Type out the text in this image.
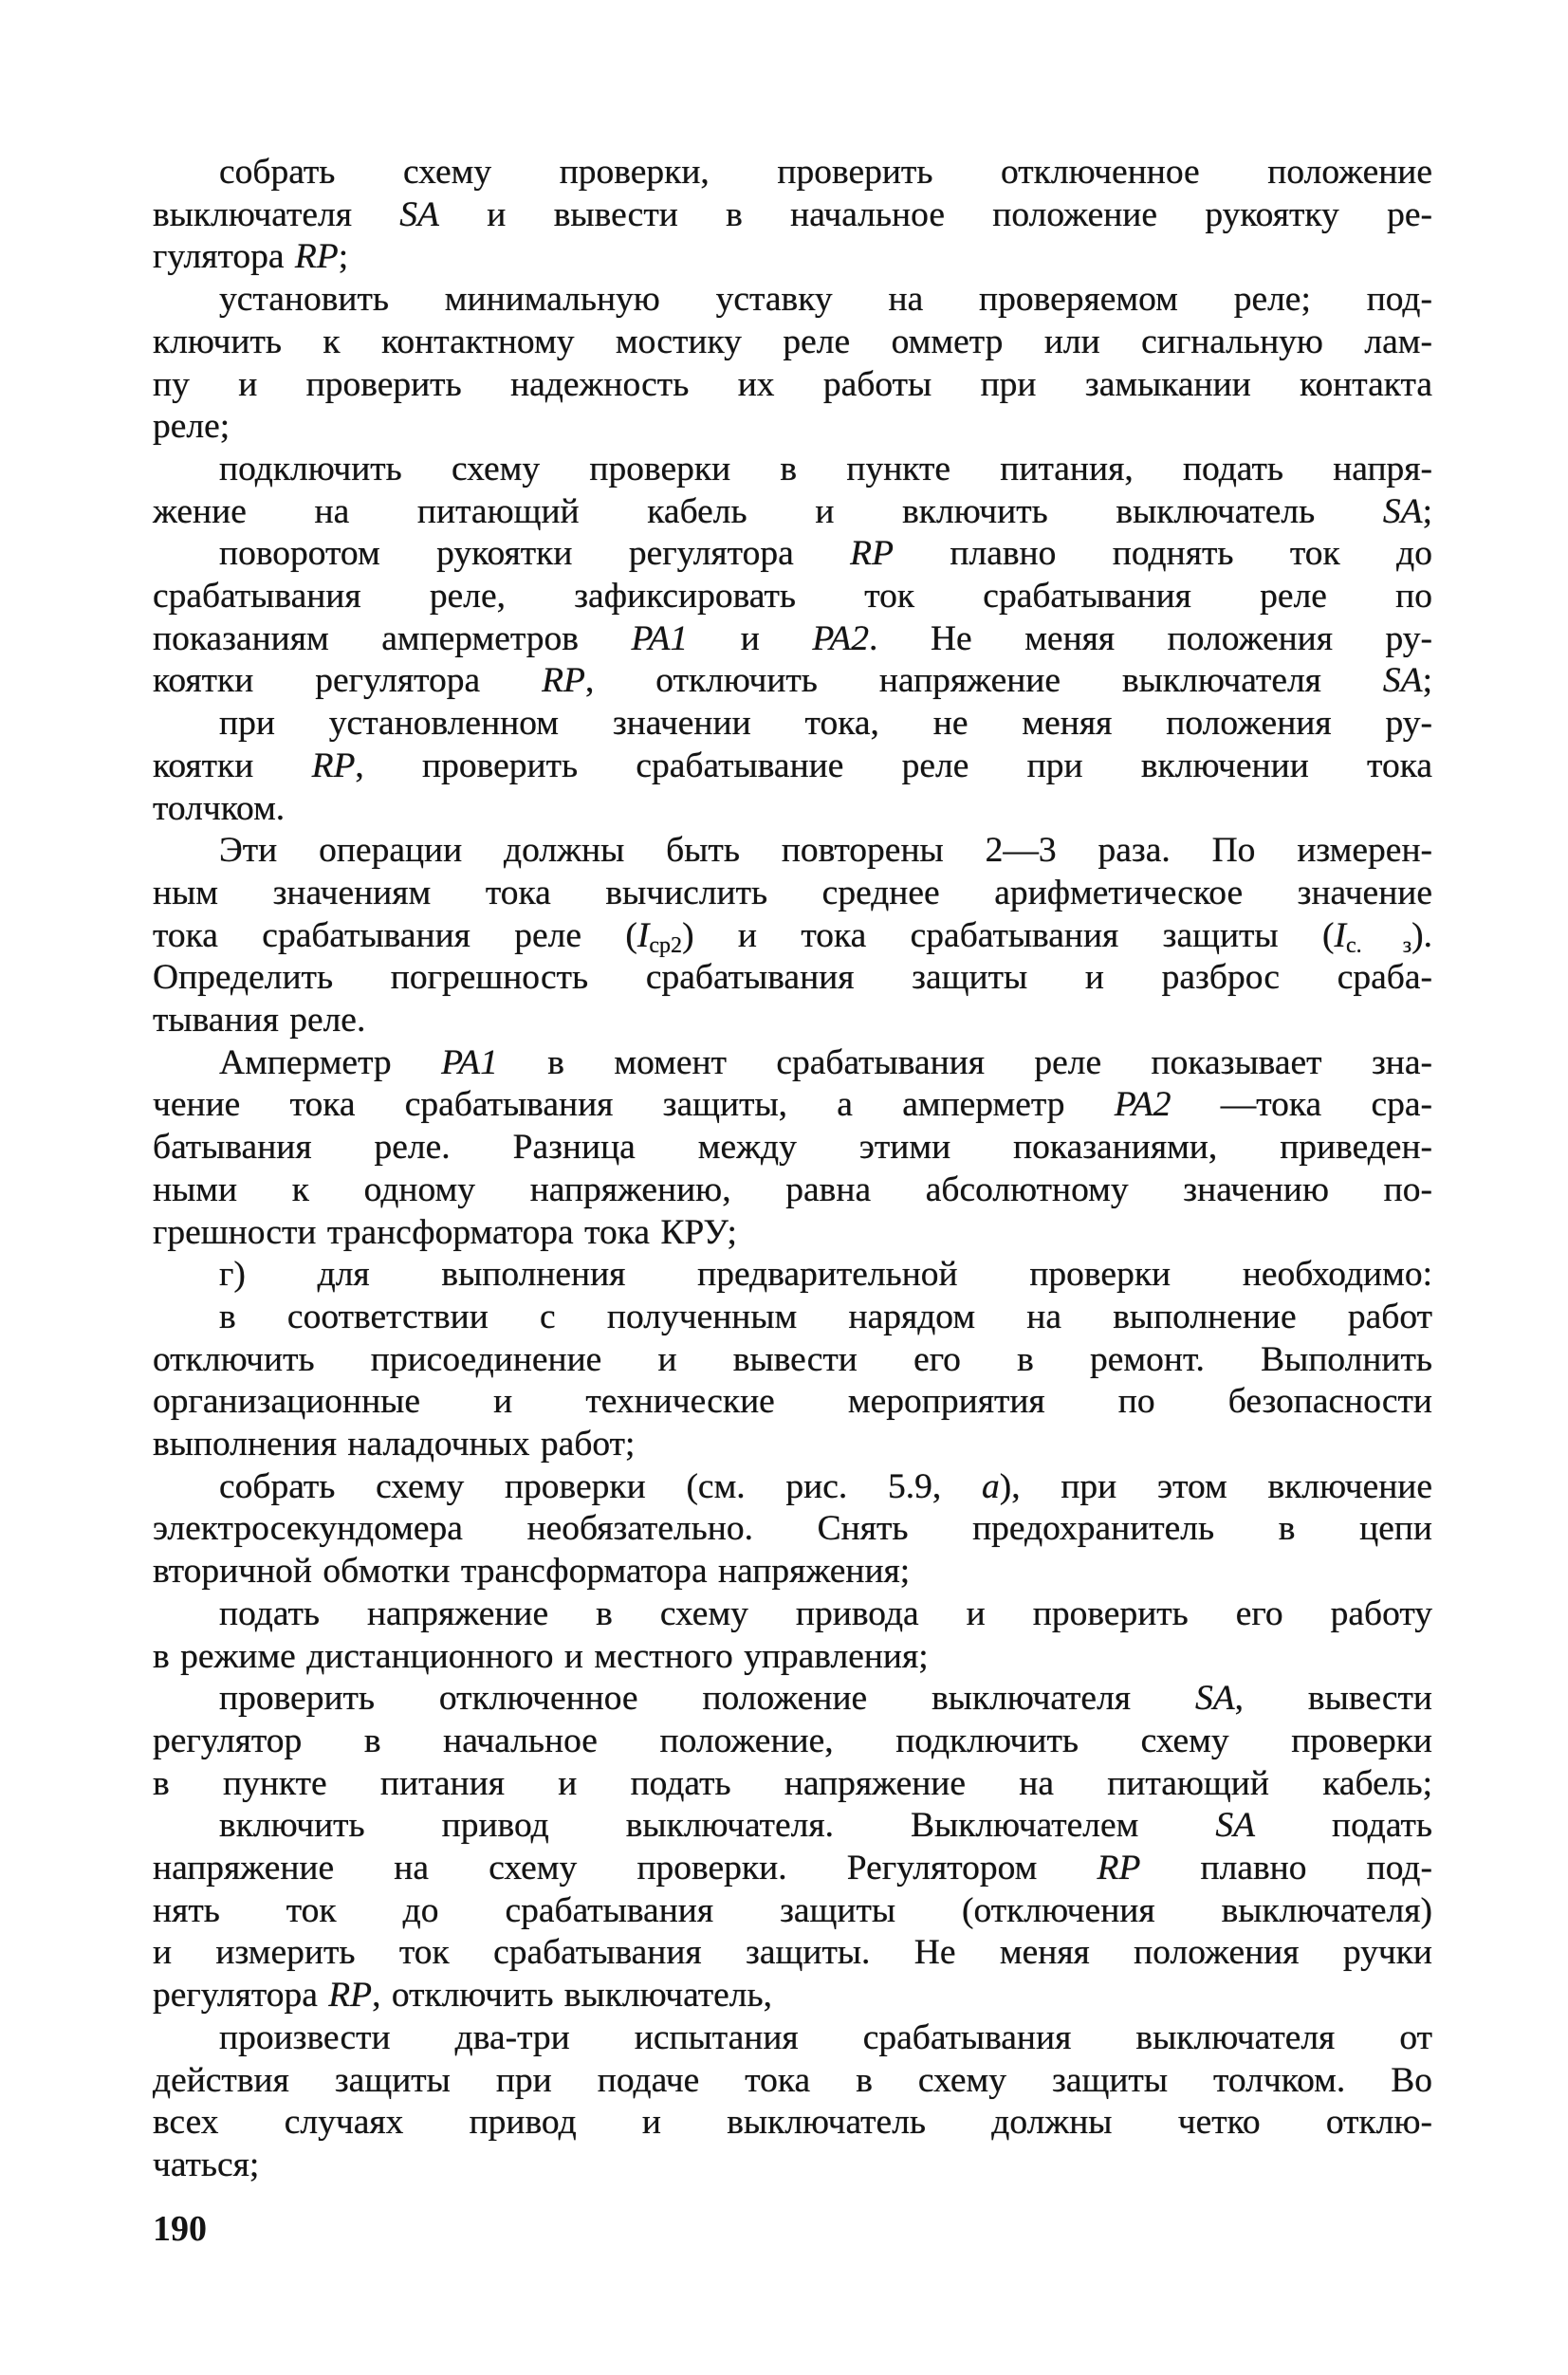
собрать схему проверки, проверить отключенное положение
выключателя SA и вывести в начальное положение рукоятку ре-
гулятора RP;
установить минимальную уставку на проверяемом реле; под-
ключить к контактному мостику реле омметр или сигнальную лам-
пу и проверить надежность их работы при замыкании контакта
реле;
подключить схему проверки в пункте питания, подать напря-
жение на питающий кабель и включить выключатель SA;
поворотом рукоятки регулятора RP плавно поднять ток до
срабатывания реле, зафиксировать ток срабатывания реле по
показаниям амперметров PA1 и PA2. Не меняя положения ру-
коятки регулятора RP, отключить напряжение выключателя SA;
при установленном значении тока, не меняя положения ру-
коятки RP, проверить срабатывание реле при включении тока
толчком.
Эти операции должны быть повторены 2—3 раза. По измерен-
ным значениям тока вычислить среднее арифметическое значение
тока срабатывания реле $(I_{ср2})$ и тока срабатывания защиты $(I_{с. з})$.
Определить погрешность срабатывания защиты и разброс сраба-
тывания реле.
Амперметр PA1 в момент срабатывания реле показывает зна-
чение тока срабатывания защиты, а амперметр PA2 —тока сра-
батывания реле. Разница между этими показаниями, приведен-
ными к одному напряжению, равна абсолютному значению по-
грешности трансформатора тока КРУ;
г) для выполнения предварительной проверки необходимо:
в соответствии с полученным нарядом на выполнение работ
отключить присоединение и вывести его в ремонт. Выполнить
организационные и технические мероприятия по безопасности
выполнения наладочных работ;
собрать схему проверки (см. рис. 5.9, а), при этом включение
электросекундомера необязательно. Снять предохранитель в цепи
вторичной обмотки трансформатора напряжения;
подать напряжение в схему привода и проверить его работу
в режиме дистанционного и местного управления;
проверить отключенное положение выключателя SA, вывести
регулятор в начальное положение, подключить схему проверки
в пункте питания и подать напряжение на питающий кабель;
включить привод выключателя. Выключателем SA подать
напряжение на схему проверки. Регулятором RP плавно под-
нять ток до срабатывания защиты (отключения выключателя)
и измерить ток срабатывания защиты. Не меняя положения ручки
регулятора RP, отключить выключатель,
произвести два-три испытания срабатывания выключателя от
действия защиты при подаче тока в схему защиты толчком. Во
всех случаях привод и выключатель должны четко отклю-
чаться;
190
